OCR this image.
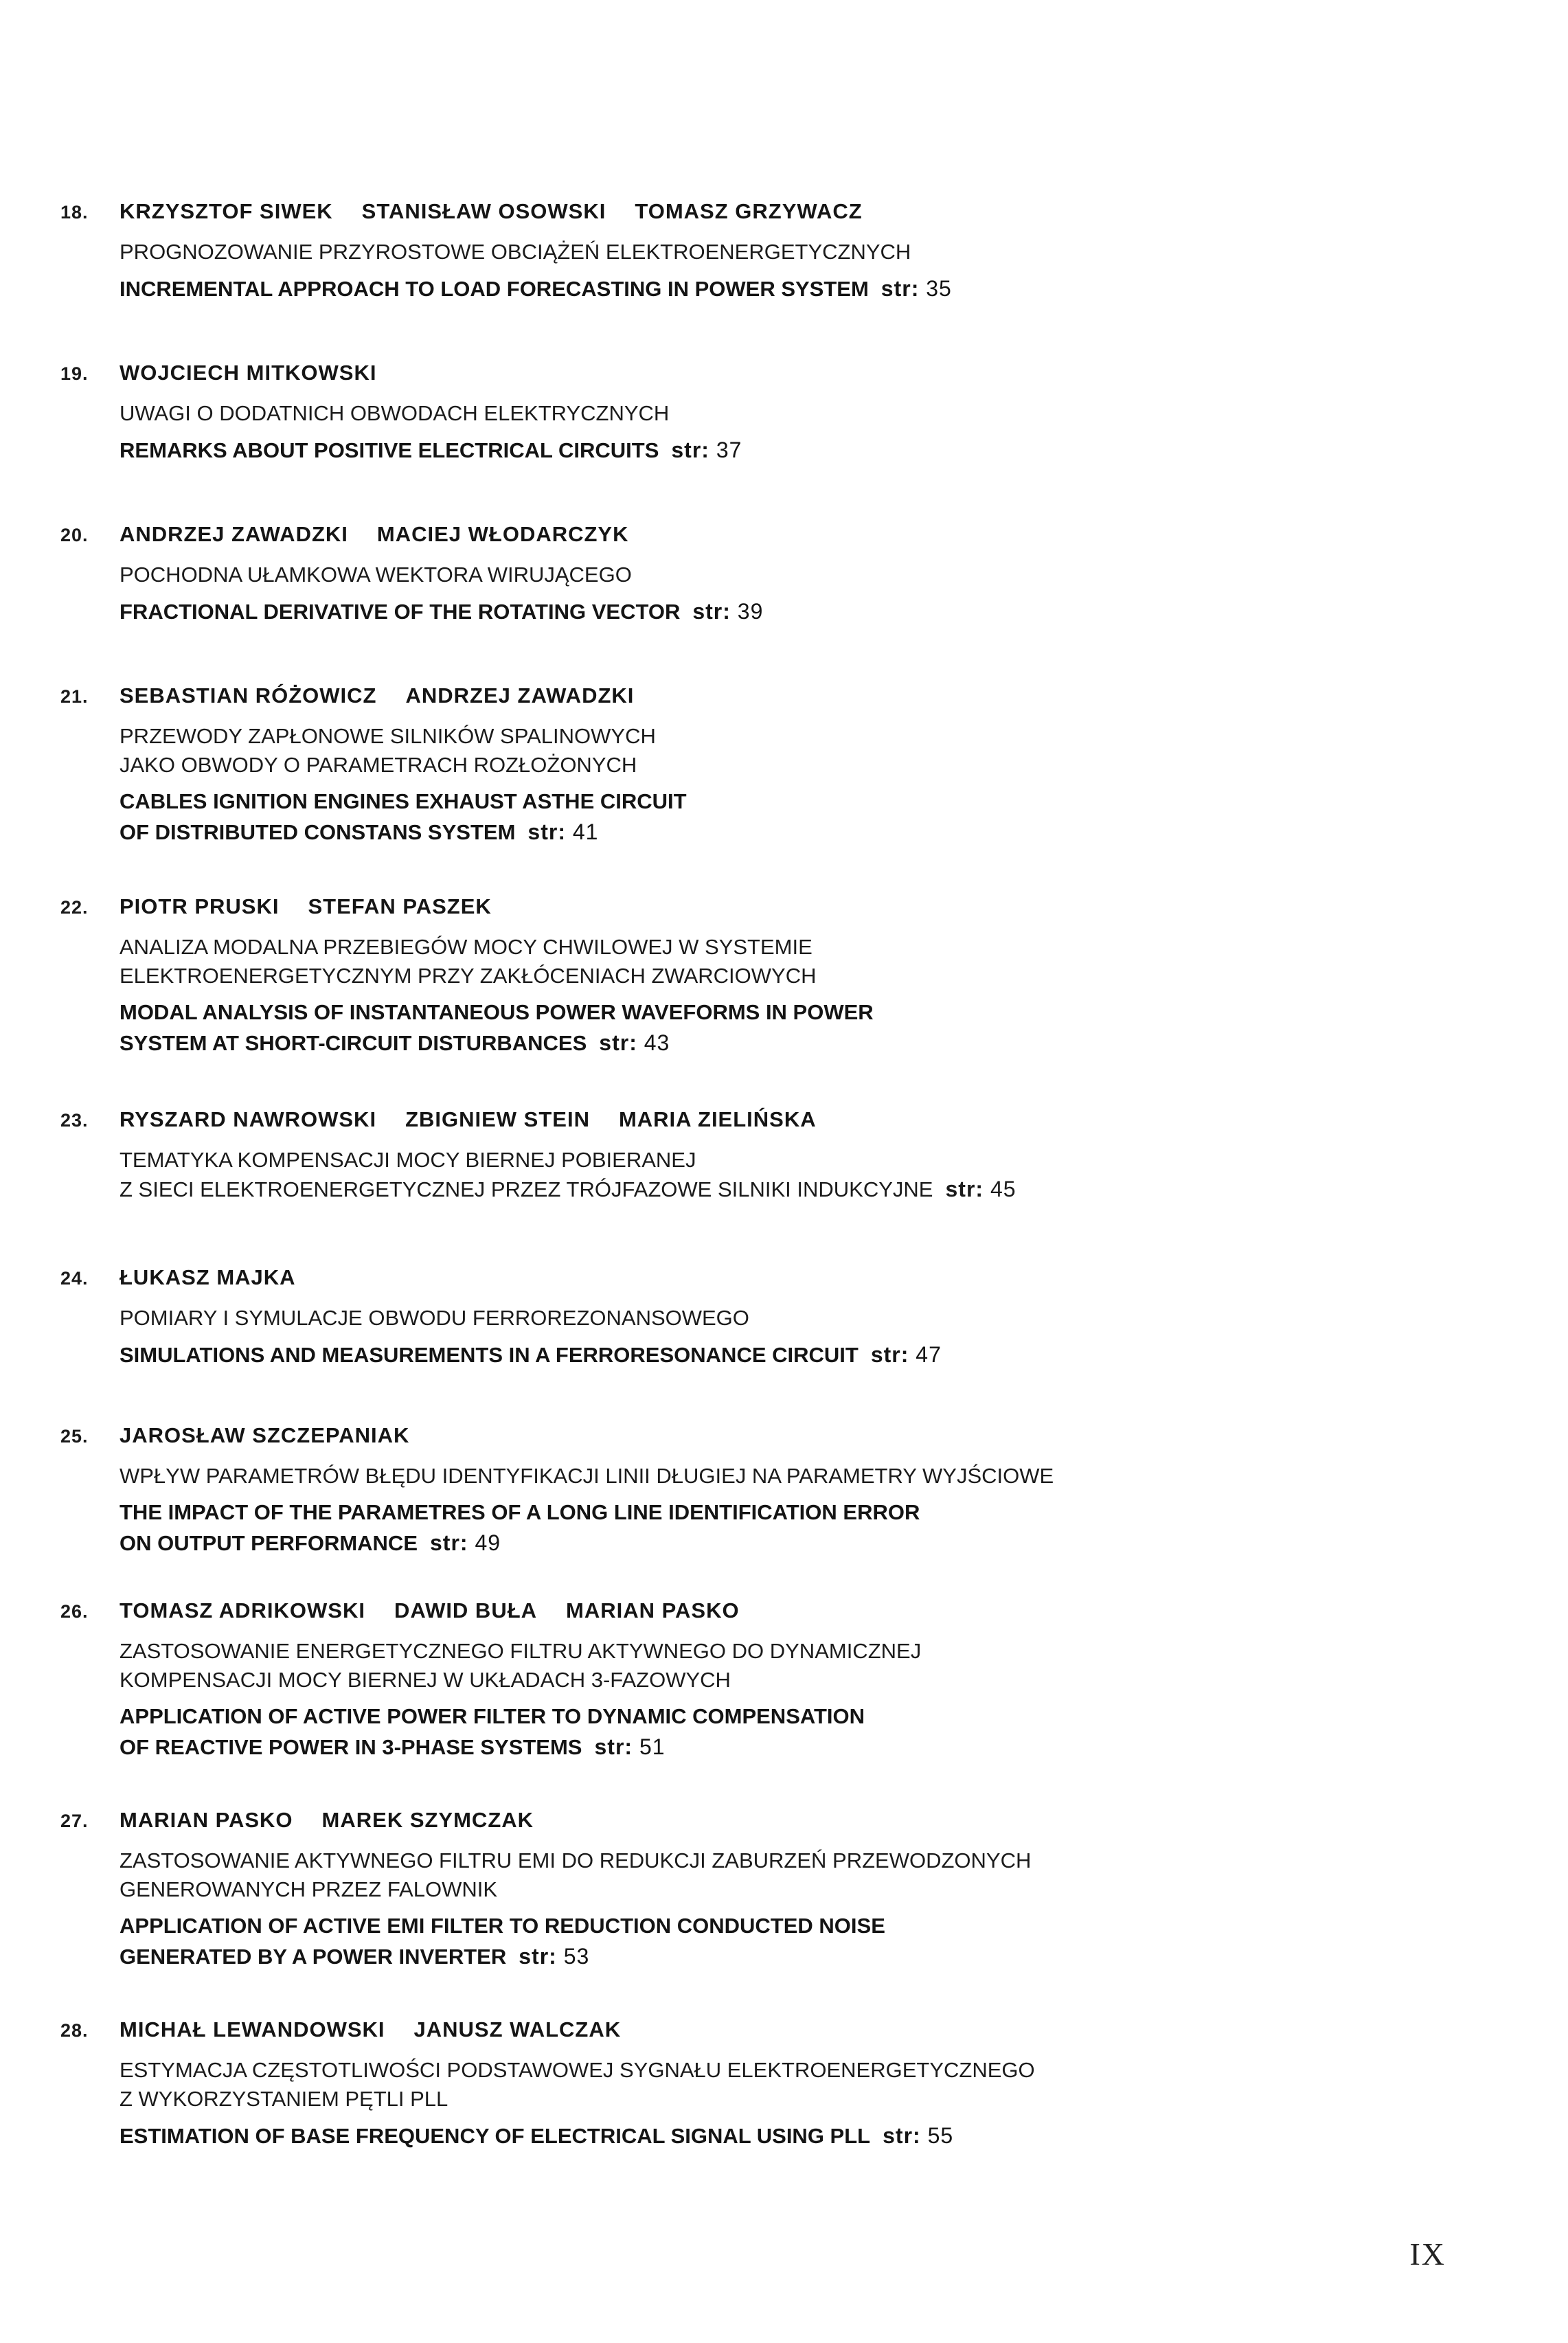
18.	KRZYSZTOF SIWEK STANISŁAW OSOWSKI TOMASZ GRZYWACZ
PROGNOZOWANIE PRZYROSTOWE OBCIĄŻEŃ ELEKTROENERGETYCZNYCH
INCREMENTAL APPROACH TO LOAD FORECASTING IN POWER SYSTEM str: 35
19.	WOJCIECH MITKOWSKI
UWAGI O DODATNICH OBWODACH ELEKTRYCZNYCH
REMARKS ABOUT POSITIVE ELECTRICAL CIRCUITS str: 37
20.	ANDRZEJ ZAWADZKI MACIEJ WŁODARCZYK
POCHODNA UŁAMKOWA WEKTORA WIRUJĄCEGO
FRACTIONAL DERIVATIVE OF THE ROTATING VECTOR str: 39
21.	SEBASTIAN RÓŻOWICZ ANDRZEJ ZAWADZKI
PRZEWODY ZAPŁONOWE SILNIKÓW SPALINOWYCH
JAKO OBWODY O PARAMETRACH ROZŁOŻONYCH
CABLES IGNITION ENGINES EXHAUST ASTHE CIRCUIT
OF DISTRIBUTED CONSTANS SYSTEM str: 41
22.	PIOTR PRUSKI STEFAN PASZEK
ANALIZA MODALNA PRZEBIEGÓW MOCY CHWILOWEJ W SYSTEMIE
ELEKTROENERGETYCZNYM PRZY ZAKŁÓCENIACH ZWARCIOWYCH
MODAL ANALYSIS OF INSTANTANEOUS POWER WAVEFORMS IN POWER
SYSTEM AT SHORT-CIRCUIT DISTURBANCES str: 43
23.	RYSZARD NAWROWSKI ZBIGNIEW STEIN MARIA ZIELIŃSKA
TEMATYKA KOMPENSACJI MOCY BIERNEJ POBIERANEJ
Z SIECI ELEKTROENERGETYCZNEJ PRZEZ TRÓJFAZOWE SILNIKI INDUKCYJNE str: 45
24.	ŁUKASZ MAJKA
POMIARY I SYMULACJE OBWODU FERROREZONANSOWEGO
SIMULATIONS AND MEASUREMENTS IN A FERRORESONANCE CIRCUIT str: 47
25.	JAROSŁAW SZCZEPANIAK
WPŁYW PARAMETRÓW BŁĘDU IDENTYFIKACJI LINII DŁUGIEJ NA PARAMETRY WYJŚCIOWE
THE IMPACT OF THE PARAMETRES OF A LONG LINE IDENTIFICATION ERROR
ON OUTPUT PERFORMANCE str: 49
26.	TOMASZ ADRIKOWSKI DAWID BUŁA MARIAN PASKO
ZASTOSOWANIE ENERGETYCZNEGO FILTRU AKTYWNEGO DO DYNAMICZNEJ
KOMPENSACJI MOCY BIERNEJ W UKŁADACH 3-FAZOWYCH
APPLICATION OF ACTIVE POWER FILTER TO DYNAMIC COMPENSATION
OF REACTIVE POWER IN 3-PHASE SYSTEMS str: 51
27.	MARIAN PASKO MAREK SZYMCZAK
ZASTOSOWANIE AKTYWNEGO FILTRU EMI DO REDUKCJI ZABURZEŃ PRZEWODZONYCH
GENEROWANYCH PRZEZ FALOWNIK
APPLICATION OF ACTIVE EMI FILTER TO REDUCTION CONDUCTED NOISE
GENERATED BY A POWER INVERTER str: 53
28.	MICHAŁ LEWANDOWSKI JANUSZ WALCZAK
ESTYMACJA CZĘSTOTLIWOŚCI PODSTAWOWEJ SYGNAŁU ELEKTROENERGETYCZNEGO
Z WYKORZYSTANIEM PĘTLI PLL
ESTIMATION OF BASE FREQUENCY OF ELECTRICAL SIGNAL USING PLL str: 55
IX
